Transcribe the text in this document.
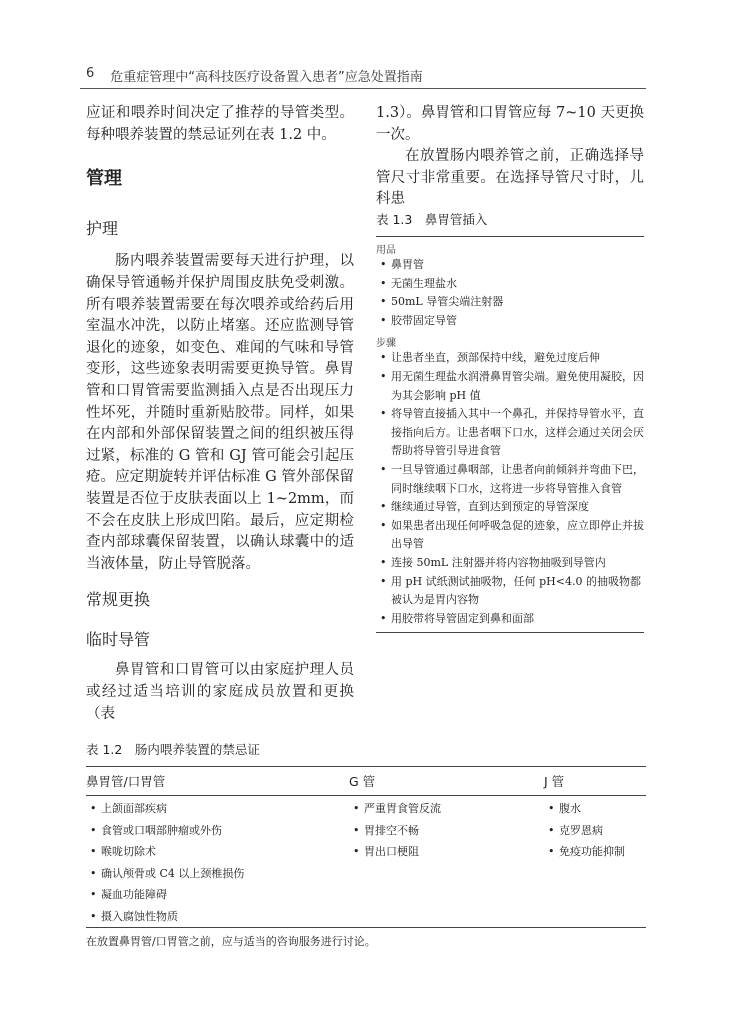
6 危重症管理中“高科技医疗设备置入患者”应急处置指南

应证和喂养时间决定了推荐的导管类型。每种喂养装置的禁忌证列在表 1.2 中。

管理
护理

肠内喂养装置需要每天进行护理，以确保导管通畅并保护周围皮肤免受刺激。所有喂养装置需要在每次喂养或给药后用室温水冲洗，以防止堵塞。还应监测导管退化的迹象，如变色、难闻的气味和导管变形，这些迹象表明需要更换导管。鼻胃管和口胃管需要监测插入点是否出现压力性坏死，并随时重新贴胶带。同样，如果在内部和外部保留装置之间的组织被压得过紧，标准的 G 管和 GJ 管可能会引起压疮。应定期旋转并评估标准 G 管外部保留装置是否位于皮肤表面以上 1~2mm，而不会在皮肤上形成凹陷。最后，应定期检查内部球囊保留装置，以确认球囊中的适当液体量，防止导管脱落。

常规更换
临时导管

鼻胃管和口胃管可以由家庭护理人员或经过适当培训的家庭成员放置和更换（表

1.3）。鼻胃管和口胃管应每 7~10 天更换一次。

在放置肠内喂养管之前，正确选择导管尺寸非常重要。在选择导管尺寸时，儿科患

表 1.3　鼻胃管插入
用品
• 鼻胃管
• 无菌生理盐水
• 50mL 导管尖端注射器
• 胶带固定导管
步骤
• 让患者坐直，颈部保持中线，避免过度后伸
• 用无菌生理盐水润滑鼻胃管尖端。避免使用凝胶，因为其会影响 pH 值
• 将导管直接插入其中一个鼻孔，并保持导管水平，直接指向后方。让患者咽下口水，这样会通过关闭会厌帮助将导管引导进食管
• 一旦导管通过鼻咽部，让患者向前倾斜并弯曲下巴，同时继续咽下口水，这将进一步将导管推入食管
• 继续通过导管，直到达到预定的导管深度
• 如果患者出现任何呼吸急促的迹象，应立即停止并拔出导管
• 连接 50mL 注射器并将内容物抽吸到导管内
• 用 pH 试纸测试抽吸物，任何 pH<4.0 的抽吸物都被认为是胃内容物
• 用胶带将导管固定到鼻和面部
表 1.2　肠内喂养装置的禁忌证
鼻胃管/口胃管	G 管	J 管
• 上颌面部疾病
• 食管或口咽部肿瘤或外伤
• 喉咙切除术
• 确认颅骨或 C4 以上颈椎损伤
• 凝血功能障碍
• 摄入腐蚀性物质
• 严重胃食管反流
• 胃排空不畅
• 胃出口梗阻
• 腹水
• 克罗恩病
• 免疫功能抑制
在放置鼻胃管/口胃管之前，应与适当的咨询服务进行讨论。
